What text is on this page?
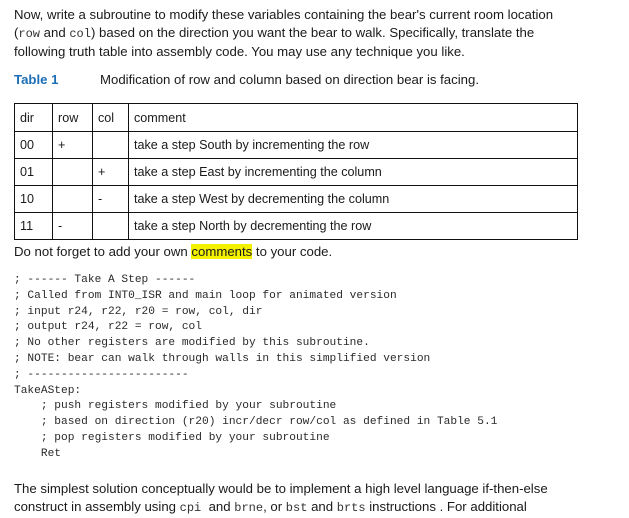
Now, write a subroutine to modify these variables containing the bear's current room location
(row and col) based on the direction you want the bear to walk. Specifically, translate the
following truth table into assembly code. You may use any technique you like.
Table 1	Modification of row and column based on direction bear is facing.
dir	row	col	comment
00	+		take a step South by incrementing the row
01		+	take a step East by incrementing the column
10		-	take a step West by decrementing the column
11	-		take a step North by decrementing the row
Do not forget to add your own comments to your code.
; ------ Take A Step ------
; Called from INT0_ISR and main loop for animated version
; input r24, r22, r20 = row, col, dir
; output r24, r22 = row, col
; No other registers are modified by this subroutine.
; NOTE: bear can walk through walls in this simplified version
; ------------------------
TakeAStep:
; push registers modified by your subroutine
; based on direction (r20) incr/decr row/col as defined in Table 5.1
; pop registers modified by your subroutine
Ret
The simplest solution conceptually would be to implement a high level language if-then-else
construct in assembly using cpi  and brne, or bst and brts instructions . For additional
